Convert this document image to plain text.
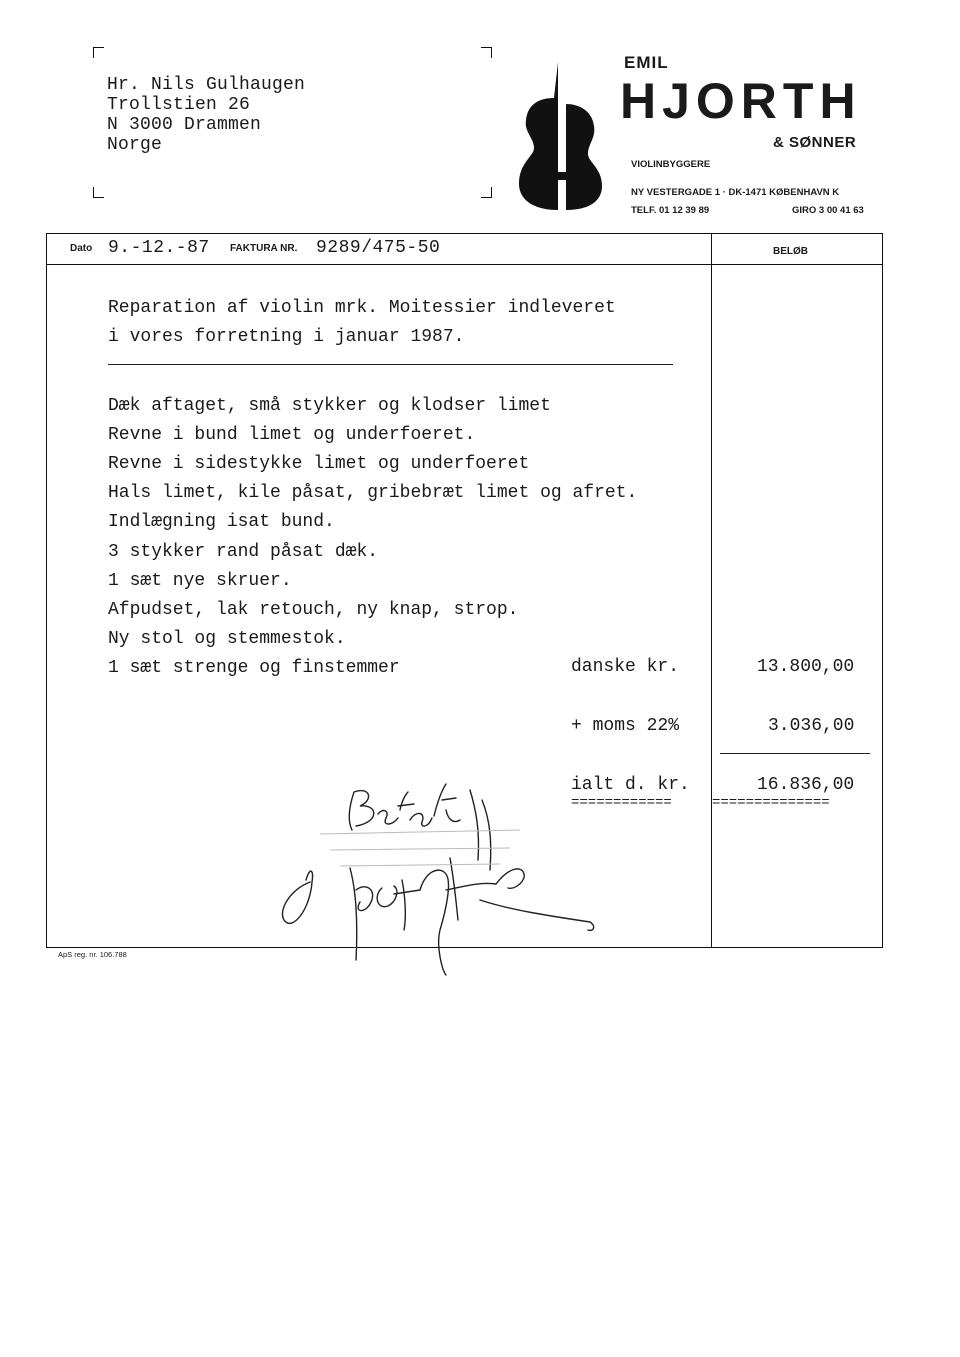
Hr. Nils Gulhaugen
Trollstien 26
N 3000 Drammen
Norge
EMIL
HJORTH
& SØNNER
VIOLINBYGGERE
NY VESTERGADE 1 · DK-1471 KØBENHAVN K
TELF. 01 12 39 89	GIRO 3 00 41 63
Dato 9.-12.-87 FAKTURA NR. 9289/475-50	BELØB
Reparation af violin mrk. Moitessier indleveret
i vores forretning i januar 1987.
Dæk aftaget, små stykker og klodser limet
Revne i bund limet og underfoeret.
Revne i sidestykke limet og underfoeret
Hals limet, kile påsat, gribebræt limet og afret.
Indlægning isat bund.
3 stykker rand påsat dæk.
1 sæt nye skruer.
Afpudset, lak retouch, ny knap, strop.
Ny stol og stemmestok.
1 sæt strenge og finstemmer	danske kr.	13.800,00
+ moms 22%	3.036,00
ialt d. kr.	16.836,00
============	==============
ApS reg. nr. 106.788
